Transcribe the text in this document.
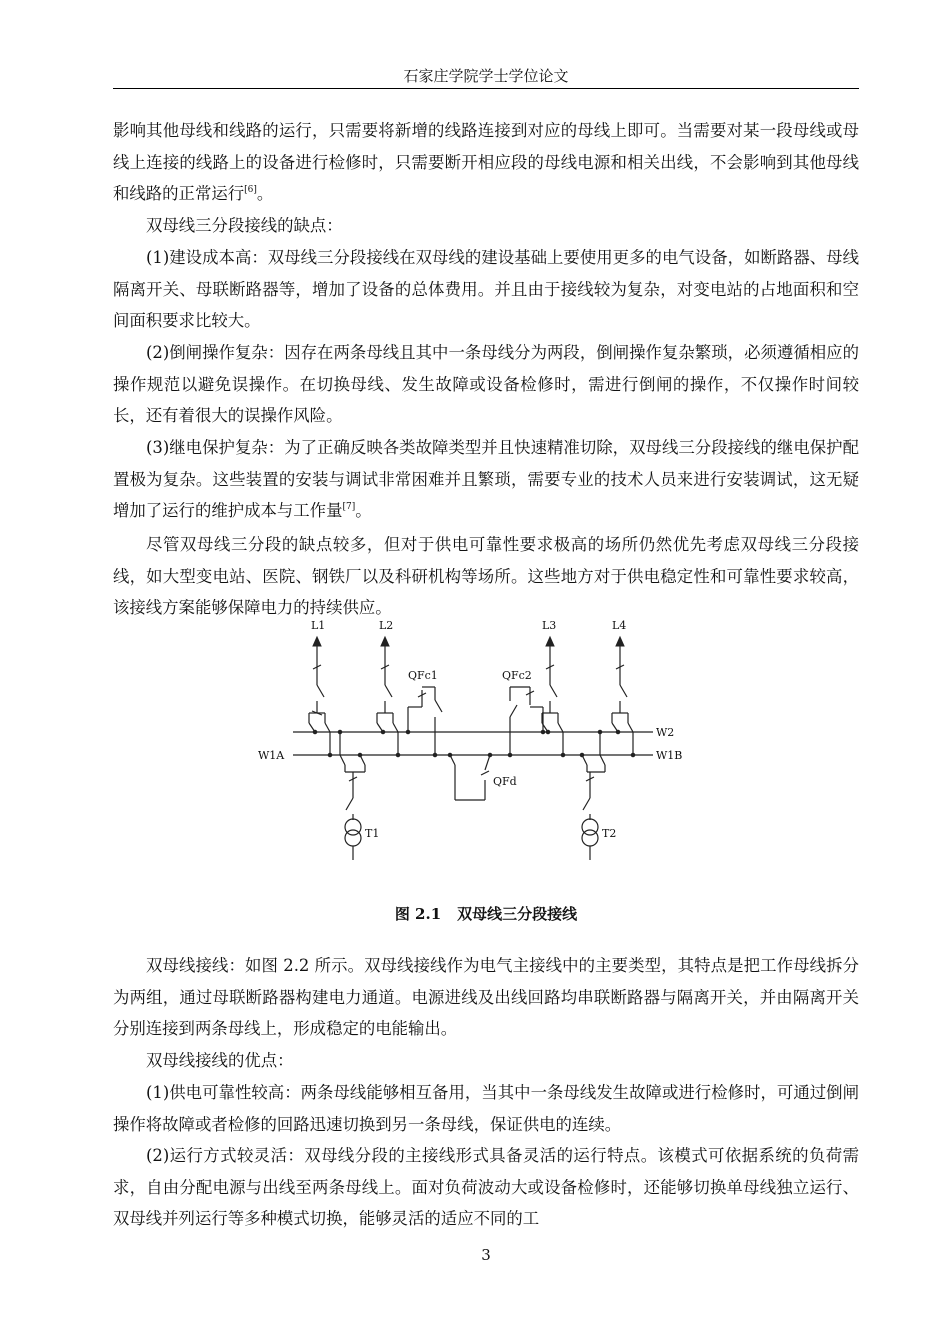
石家庄学院学士学位论文

影响其他母线和线路的运行，只需要将新增的线路连接到对应的母线上即可。当需要对某一段母线或母线上连接的线路上的设备进行检修时，只需要断开相应段的母线电源和相关出线，不会影响到其他母线和线路的正常运行[6]。

双母线三分段接线的缺点：

(1)建设成本高：双母线三分段接线在双母线的建设基础上要使用更多的电气设备，如断路器、母线隔离开关、母联断路器等，增加了设备的总体费用。并且由于接线较为复杂，对变电站的占地面积和空间面积要求比较大。

(2)倒闸操作复杂：因存在两条母线且其中一条母线分为两段，倒闸操作复杂繁琐，必须遵循相应的操作规范以避免误操作。在切换母线、发生故障或设备检修时，需进行倒闸的操作，不仅操作时间较长，还有着很大的误操作风险。

(3)继电保护复杂：为了正确反映各类故障类型并且快速精准切除，双母线三分段接线的继电保护配置极为复杂。这些装置的安装与调试非常困难并且繁琐，需要专业的技术人员来进行安装调试，这无疑增加了运行的维护成本与工作量[7]。

尽管双母线三分段的缺点较多，但对于供电可靠性要求极高的场所仍然优先考虑双母线三分段接线，如大型变电站、医院、钢铁厂以及科研机构等场所。这些地方对于供电稳定性和可靠性要求较高，该接线方案能够保障电力的持续供应。

L1	L2	L3	L4
QFc1	QFc2
W2
W1A	W1B
QFd
T1	T2
图 2.1 双母线三分段接线

双母线接线：如图 2.2 所示。双母线接线作为电气主接线中的主要类型，其特点是把工作母线拆分为两组，通过母联断路器构建电力通道。电源进线及出线回路均串联断路器与隔离开关，并由隔离开关分别连接到两条母线上，形成稳定的电能输出。

双母线接线的优点：

(1)供电可靠性较高：两条母线能够相互备用，当其中一条母线发生故障或进行检修时，可通过倒闸操作将故障或者检修的回路迅速切换到另一条母线，保证供电的连续。

(2)运行方式较灵活：双母线分段的主接线形式具备灵活的运行特点。该模式可依据系统的负荷需求，自由分配电源与出线至两条母线上。面对负荷波动大或设备检修时，还能够切换单母线独立运行、双母线并列运行等多种模式切换，能够灵活的适应不同的工

3
